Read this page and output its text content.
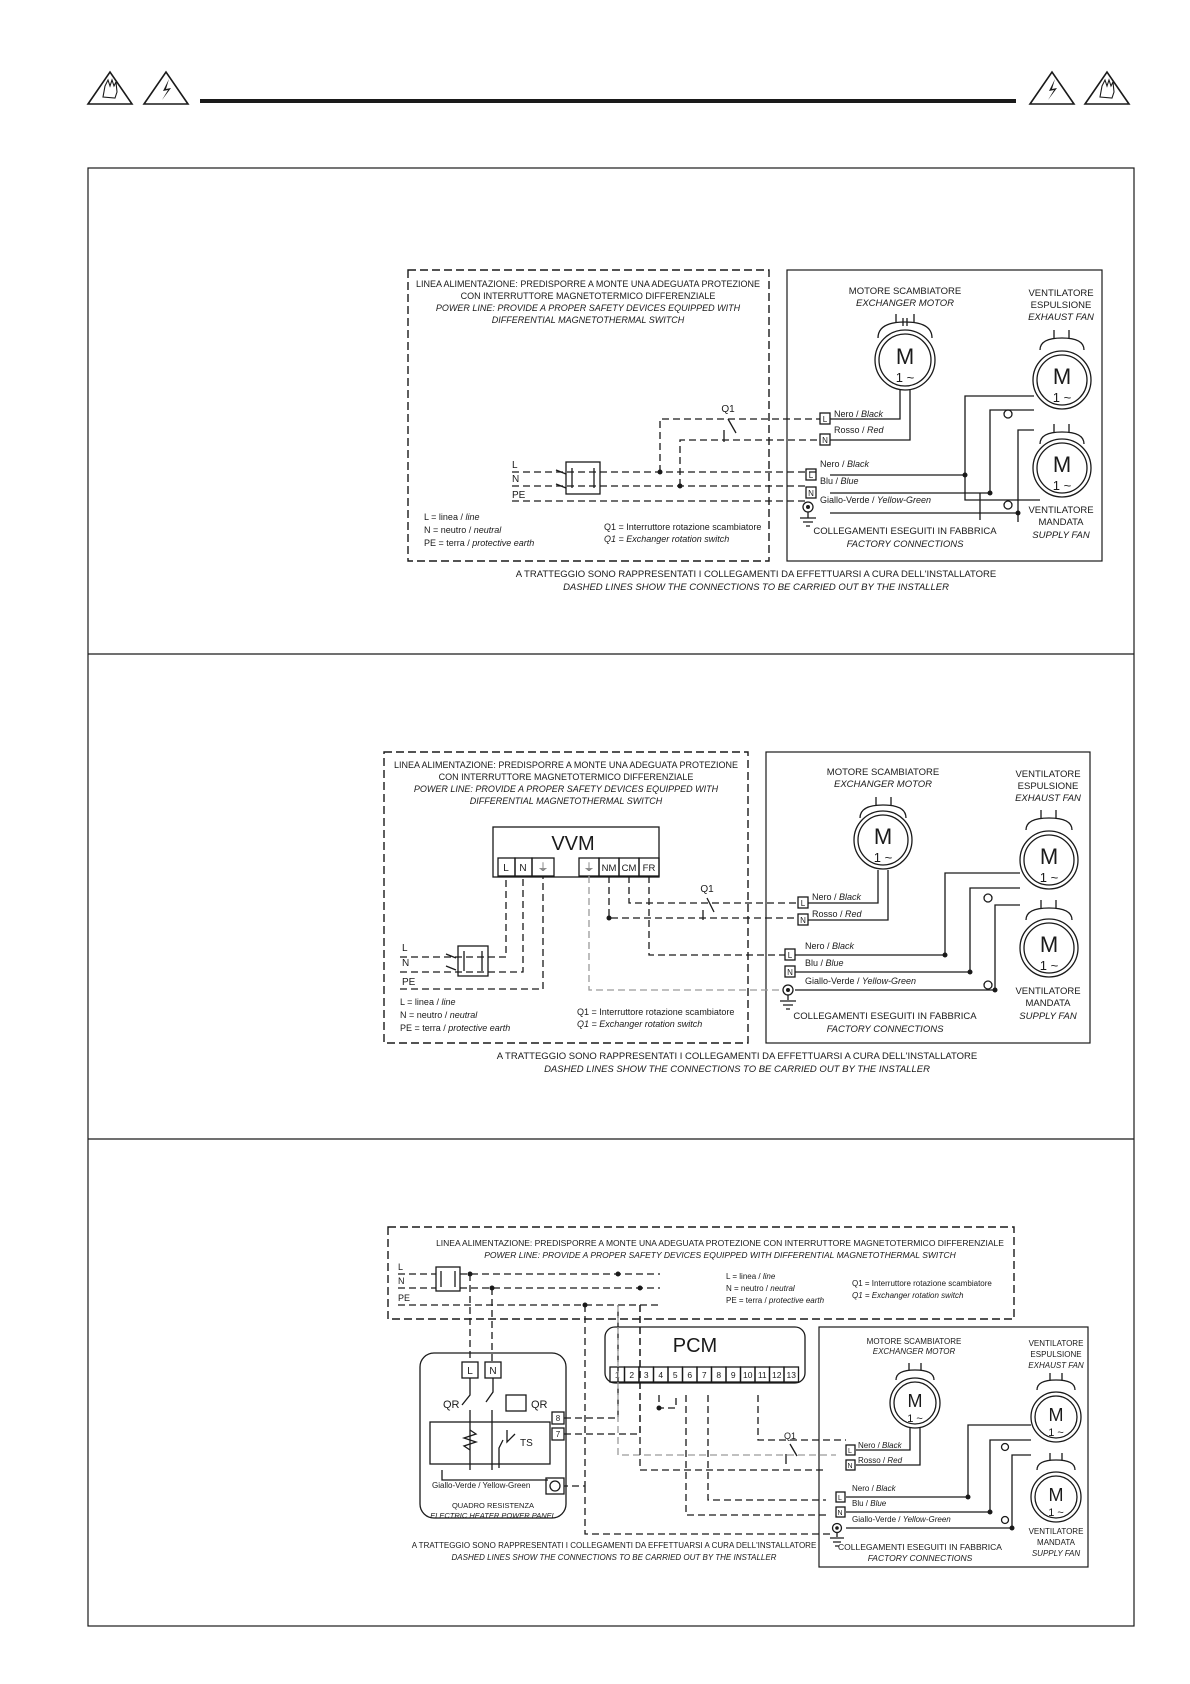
LINEA ALIMENTAZIONE: PREDISPORRE A MONTE UNA ADEGUATA PROTEZIONE
CON INTERRUTTORE MAGNETOTERMICO DIFFERENZIALE
POWER LINE: PROVIDE A PROPER SAFETY DEVICES EQUIPPED WITH
DIFFERENTIAL MAGNETOTHERMAL SWITCH
MOTORE SCAMBIATORE
EXCHANGER MOTOR
VENTILATORE
ESPULSIONE
EXHAUST FAN
M
1 ~	M
1 ~
M
1 ~
L
N
L
N
Nero / Black
Rosso / Red
Nero / Black
Blu / Blue
Giallo-Verde / Yellow-Green
Q1
L
N
PE
L = linea / line
N = neutro / neutral
PE = terra / protective earth
Q1 = Interruttore rotazione scambiatore
Q1 = Exchanger rotation switch
COLLEGAMENTI ESEGUITI IN FABBRICA
FACTORY CONNECTIONS
VENTILATORE
MANDATA
SUPPLY FAN
A TRATTEGGIO SONO RAPPRESENTATI I COLLEGAMENTI DA EFFETTUARSI A CURA DELL'INSTALLATORE
DASHED LINES SHOW THE CONNECTIONS TO BE CARRIED OUT BY THE INSTALLER
LINEA ALIMENTAZIONE: PREDISPORRE A MONTE UNA ADEGUATA PROTEZIONE
CON INTERRUTTORE MAGNETOTERMICO DIFFERENZIALE
POWER LINE: PROVIDE A PROPER SAFETY DEVICES EQUIPPED WITH
DIFFERENTIAL MAGNETOTHERMAL SWITCH
VVM
L N ⏚	⏚ NM CM FR
MOTORE SCAMBIATORE
EXCHANGER MOTOR
VENTILATORE
ESPULSIONE
EXHAUST FAN
M
1 ~	M
1 ~
M
1 ~
L
N
L
N
Nero / Black
Rosso / Red
Nero / Black
Blu / Blue
Giallo-Verde / Yellow-Green
Q1
L
N
PE
L = linea / line
N = neutro / neutral
PE = terra / protective earth
Q1 = Interruttore rotazione scambiatore
Q1 = Exchanger rotation switch
COLLEGAMENTI ESEGUITI IN FABBRICA
FACTORY CONNECTIONS
VENTILATORE
MANDATA
SUPPLY FAN
A TRATTEGGIO SONO RAPPRESENTATI I COLLEGAMENTI DA EFFETTUARSI A CURA DELL'INSTALLATORE
DASHED LINES SHOW THE CONNECTIONS TO BE CARRIED OUT BY THE INSTALLER
LINEA ALIMENTAZIONE: PREDISPORRE A MONTE UNA ADEGUATA PROTEZIONE CON INTERRUTTORE MAGNETOTERMICO DIFFERENZIALE
POWER LINE: PROVIDE A PROPER SAFETY DEVICES EQUIPPED WITH DIFFERENTIAL MAGNETOTHERMAL SWITCH
L
N
PE
L = linea / line
N = neutro / neutral
PE = terra / protective earth
Q1 = Interruttore rotazione scambiatore
Q1 = Exchanger rotation switch
PCM
1 2 3 4 5 6 7 8 9 10 11 12 13
L N
QR	QR
TS
8
7
Giallo-Verde / Yellow-Green
QUADRO RESISTENZA
ELECTRIC HEATER POWER PANEL
MOTORE SCAMBIATORE
EXCHANGER MOTOR
VENTILATORE
ESPULSIONE
EXHAUST FAN
M
1 ~	M
1 ~
M
1 ~
L
N
L
N
Nero / Black
Rosso / Red
Nero / Black
Blu / Blue
Giallo-Verde / Yellow-Green
Q1
COLLEGAMENTI ESEGUITI IN FABBRICA
FACTORY CONNECTIONS
VENTILATORE
MANDATA
SUPPLY FAN
A TRATTEGGIO SONO RAPPRESENTATI I COLLEGAMENTI DA EFFETTUARSI A CURA DELL'INSTALLATORE
DASHED LINES SHOW THE CONNECTIONS TO BE CARRIED OUT BY THE INSTALLER
